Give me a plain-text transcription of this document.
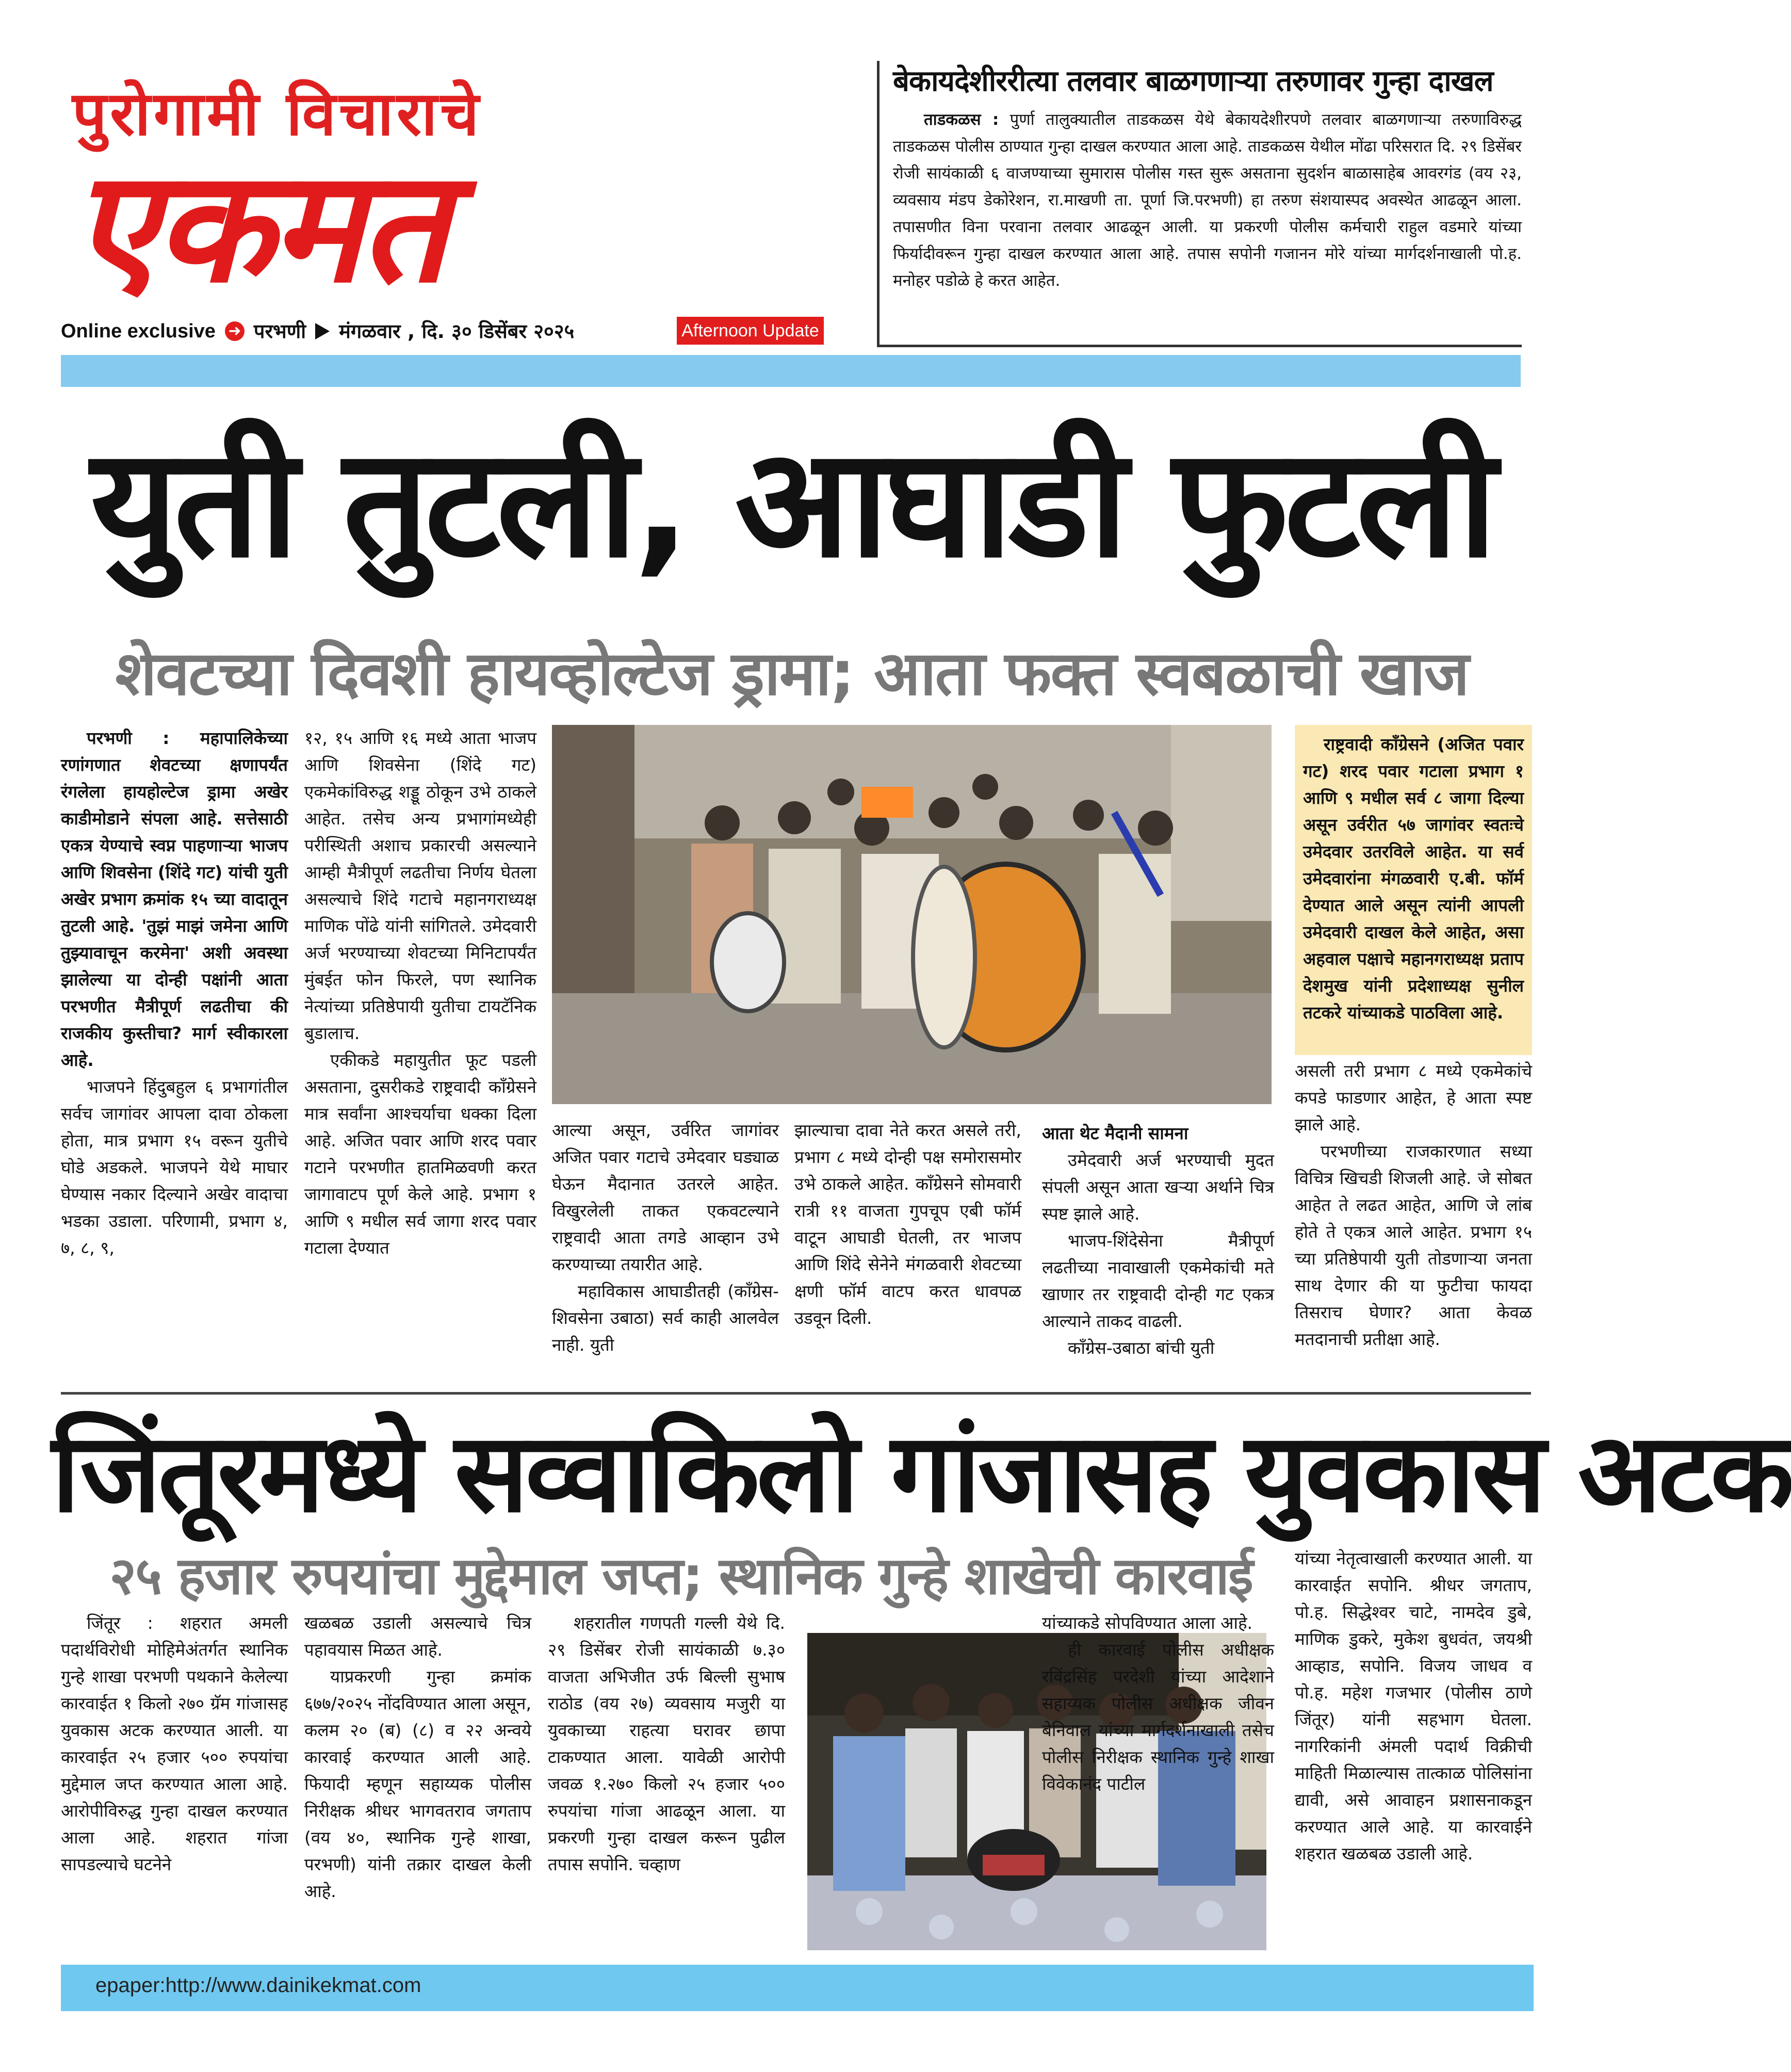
पुरोगामी विचाराचे
एकमत
Online exclusive ➜ परभणी मंगळवार , दि. ३० डिसेंबर २०२५	Afternoon Update
बेकायदेशीररीत्या तलवार बाळगणाऱ्या तरुणावर गुन्हा दाखल
ताडकळस : पुर्णा तालुक्यातील ताडकळस येथे बेकायदेशीरपणे तलवार बाळगणाऱ्या तरुणाविरुद्ध ताडकळस पोलीस ठाण्यात गुन्हा दाखल करण्यात आला आहे. ताडकळस येथील मोंढा परिसरात दि. २९ डिसेंबर रोजी सायंकाळी ६ वाजण्याच्या सुमारास पोलीस गस्त सुरू असताना सुदर्शन बाळासाहेब आवरगंड (वय २३, व्यवसाय मंडप डेकोरेशन, रा.माखणी ता. पूर्णा जि.परभणी) हा तरुण संशयास्पद अवस्थेत आढळून आला. तपासणीत विना परवाना तलवार आढळून आली. या प्रकरणी पोलीस कर्मचारी राहुल वडमारे यांच्या फिर्यादीवरून गुन्हा दाखल करण्यात आला आहे. तपास सपोनी गजानन मोरे यांच्या मार्गदर्शनाखाली पो.ह. मनोहर पडोळे हे करत आहेत.
युती तुटली, आघाडी फुटली
शेवटच्या दिवशी हायव्होल्टेज ड्रामा; आता फक्त स्वबळाची खाज

परभणी : महापालिकेच्या रणांगणात शेवटच्या क्षणापर्यंत रंगलेला हायहोल्टेज ड्रामा अखेर काडीमोडाने संपला आहे. सत्तेसाठी एकत्र येण्याचे स्वप्न पाहणाऱ्या भाजप आणि शिवसेना (शिंदे गट) यांची युती अखेर प्रभाग क्रमांक १५ च्या वादातून तुटली आहे. 'तुझं माझं जमेना आणि तुझ्यावाचून करमेना' अशी अवस्था झालेल्या या दोन्ही पक्षांनी आता परभणीत मैत्रीपूर्ण लढतीचा की राजकीय कुस्तीचा? मार्ग स्वीकारला आहे.

भाजपने हिंदुबहुल ६ प्रभागांतील सर्वच जागांवर आपला दावा ठोकला होता, मात्र प्रभाग १५ वरून युतीचे घोडे अडकले. भाजपने येथे माघार घेण्यास नकार दिल्याने अखेर वादाचा भडका उडाला. परिणामी, प्रभाग ४, ७, ८, ९,

१२, १५ आणि १६ मध्ये आता भाजप आणि शिवसेना (शिंदे गट) एकमेकांविरुद्ध शड्डू ठोकून उभे ठाकले आहेत. तसेच अन्य प्रभागांमध्येही परीस्थिती अशाच प्रकारची असल्याने आम्ही मैत्रीपूर्ण लढतीचा निर्णय घेतला असल्याचे शिंदे गटाचे महानगराध्यक्ष माणिक पोंढे यांनी सांगितले. उमेदवारी अर्ज भरण्याच्या शेवटच्या मिनिटापर्यंत मुंबईत फोन फिरले, पण स्थानिक नेत्यांच्या प्रतिष्ठेपायी युतीचा टायटॅनिक बुडालाच.

एकीकडे महायुतीत फूट पडली असताना, दुसरीकडे राष्ट्रवादी काँग्रेसने मात्र सर्वांना आश्चर्याचा धक्का दिला आहे. अजित पवार आणि शरद पवार गटाने परभणीत हातमिळवणी करत जागावाटप पूर्ण केले आहे. प्रभाग १ आणि ९ मधील सर्व जागा शरद पवार गटाला देण्यात

राष्ट्रवादी काँग्रेसने (अजित पवार गट) शरद पवार गटाला प्रभाग १ आणि ९ मधील सर्व ८ जागा दिल्या असून उर्वरीत ५७ जागांवर स्वतःचे उमेदवार उतरविले आहेत. या सर्व उमेदवारांना मंगळवारी ए.बी. फॉर्म देण्यात आले असून त्यांनी आपली उमेदवारी दाखल केले आहेत, असा अहवाल पक्षाचे महानगराध्यक्ष प्रताप देशमुख यांनी प्रदेशाध्यक्ष सुनील तटकरे यांच्याकडे पाठविला आहे.

आल्या असून, उर्वरित जागांवर अजित पवार गटाचे उमेदवार घड्याळ घेऊन मैदानात उतरले आहेत. विखुरलेली ताकत एकवटल्याने राष्ट्रवादी आता तगडे आव्हान उभे करण्याच्या तयारीत आहे.

महाविकास आघाडीतही (काँग्रेस-शिवसेना उबाठा) सर्व काही आलवेल नाही. युती

झाल्याचा दावा नेते करत असले तरी, प्रभाग ८ मध्ये दोन्ही पक्ष समोरासमोर उभे ठाकले आहेत. काँग्रेसने सोमवारी रात्री ११ वाजता गुपचूप एबी फॉर्म वाटून आघाडी घेतली, तर भाजप आणि शिंदे सेनेने मंगळवारी शेवटच्या क्षणी फॉर्म वाटप करत धावपळ उडवून दिली.

आता थेट मैदानी सामना

उमेदवारी अर्ज भरण्याची मुदत संपली असून आता खऱ्या अर्थाने चित्र स्पष्ट झाले आहे.

भाजप-शिंदेसेना मैत्रीपूर्ण लढतीच्या नावाखाली एकमेकांची मते खाणार तर राष्ट्रवादी दोन्ही गट एकत्र आल्याने ताकद वाढली.

काँग्रेस-उबाठा बांची युती

असली तरी प्रभाग ८ मध्ये एकमेकांचे कपडे फाडणार आहेत, हे आता स्पष्ट झाले आहे.

परभणीच्या राजकारणात सध्या विचित्र खिचडी शिजली आहे. जे सोबत आहेत ते लढत आहेत, आणि जे लांब होते ते एकत्र आले आहेत. प्रभाग १५ च्या प्रतिष्ठेपायी युती तोडणाऱ्या जनता साथ देणार की या फुटीचा फायदा तिसराच घेणार? आता केवळ मतदानाची प्रतीक्षा आहे.

जिंतूरमध्ये सव्वाकिलो गांजासह युवकास अटक
२५ हजार रुपयांचा मुद्देमाल जप्त; स्थानिक गुन्हे शाखेची कारवाई

जिंतूर : शहरात अमली पदार्थविरोधी मोहिमेअंतर्गत स्थानिक गुन्हे शाखा परभणी पथकाने केलेल्या कारवाईत १ किलो २७० ग्रॅम गांजासह युवकास अटक करण्यात आली. या कारवाईत २५ हजार ५०० रुपयांचा मुद्देमाल जप्त करण्यात आला आहे. आरोपीविरुद्ध गुन्हा दाखल करण्यात आला आहे. शहरात गांजा सापडल्याचे घटनेने

खळबळ उडाली असल्याचे चित्र पहावयास मिळत आहे.

याप्रकरणी गुन्हा क्रमांक ६७७/२०२५ नोंदविण्यात आला असून, कलम २० (ब) (८) व २२ अन्वये कारवाई करण्यात आली आहे. फियादी म्हणून सहाय्यक पोलीस निरीक्षक श्रीधर भागवतराव जगताप (वय ४०, स्थानिक गुन्हे शाखा, परभणी) यांनी तक्रार दाखल केली आहे.

शहरातील गणपती गल्ली येथे दि. २९ डिसेंबर रोजी सायंकाळी ७.३० वाजता अभिजीत उर्फ बिल्ली सुभाष राठोड (वय २७) व्यवसाय मजुरी या युवकाच्या राहत्या घरावर छापा टाकण्यात आला. यावेळी आरोपी जवळ १.२७० किलो २५ हजार ५०० रुपयांचा गांजा आढळून आला. या प्रकरणी गुन्हा दाखल करून पुढील तपास सपोनि. चव्हाण

यांच्याकडे सोपविण्यात आला आहे.

ही कारवाई पोलीस अधीक्षक रविंद्रसिंह परदेशी यांच्या आदेशाने सहाय्यक पोलीस अधीक्षक जीवन बेनिवाल यांच्या मार्गदर्शनाखाली तसेच पोलीस निरीक्षक स्थानिक गुन्हे शाखा विवेकानंद पाटील

यांच्या नेतृत्वाखाली करण्यात आली. या कारवाईत सपोनि. श्रीधर जगताप, पो.ह. सिद्धेश्वर चाटे, नामदेव डुबे, माणिक डुकरे, मुकेश बुधवंत, जयश्री आव्हाड, सपोनि. विजय जाधव व पो.ह. महेश गजभार (पोलीस ठाणे जिंतूर) यांनी सहभाग घेतला. नागरिकांनी अंमली पदार्थ विक्रीची माहिती मिळाल्यास तात्काळ पोलिसांना द्यावी, असे आवाहन प्रशासनाकडून करण्यात आले आहे. या कारवाईने शहरात खळबळ उडाली आहे.

epaper:http://www.dainikekmat.com
